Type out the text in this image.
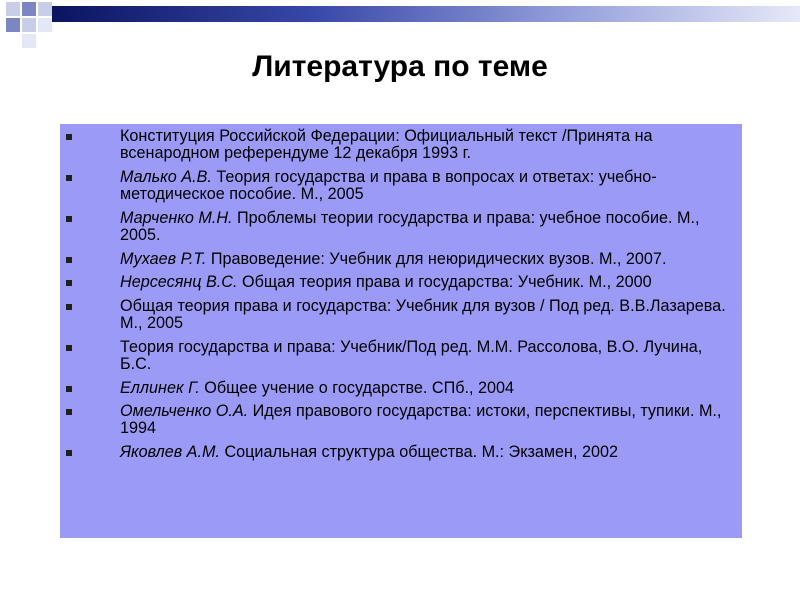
Литература по теме
Конституция Российской Федерации: Официальный текст /Принята на всенародном референдуме 12 декабря 1993 г.
Малько А.В. Теория государства и права в вопросах и ответах: учебно-методическое пособие. М., 2005
Марченко М.Н. Проблемы теории государства и права: учебное пособие. М., 2005.
Мухаев Р.Т. Правоведение: Учебник для неюридических вузов. М., 2007.
Нерсесянц В.С. Общая теория права и государства: Учебник. М., 2000
Общая теория права и государства: Учебник для вузов / Под ред. В.В.Лазарева. М., 2005
Теория государства и права: Учебник/Под ред. М.М. Рассолова, В.О. Лучина, Б.С.
Еллинек Г. Общее учение о государстве. СПб., 2004
Омельченко О.А. Идея правового государства: истоки, перспективы, тупики. М., 1994
Яковлев А.М. Социальная структура общества. М.: Экзамен, 2002
